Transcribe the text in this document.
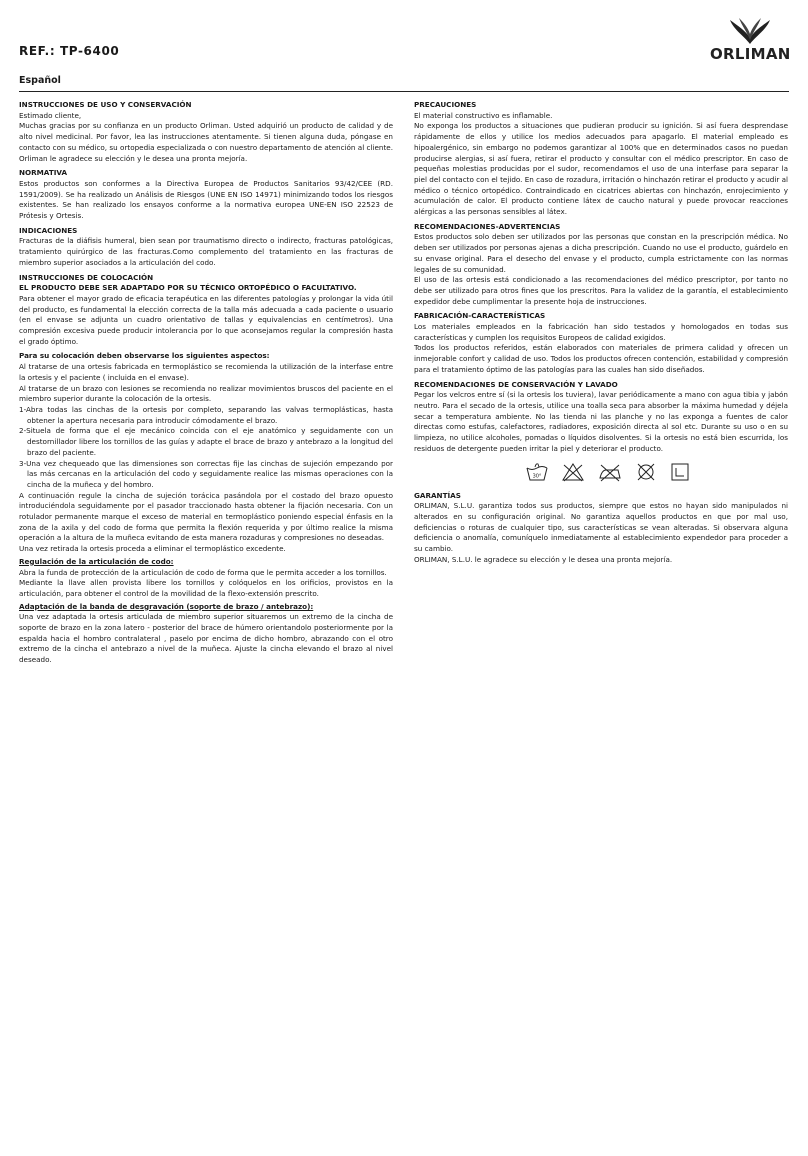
REF.: TP-6400	ORLIMAN
Español
INSTRUCCIONES DE USO Y CONSERVACIÓN

Estimado cliente,

Muchas gracias por su confianza en un producto Orliman. Usted adquirió un producto de calidad y de alto nivel medicinal. Por favor, lea las instrucciones atentamente. Si tienen alguna duda, póngase en contacto con su médico, su ortopedia especializada o con nuestro departamento de atención al cliente. Orliman le agradece su elección y le desea una pronta mejoría.

NORMATIVA

Estos productos son conformes a la Directiva Europea de Productos Sanitarios 93/42/CEE (RD. 1591/2009). Se ha realizado un Análisis de Riesgos (UNE EN ISO 14971) minimizando todos los riesgos existentes. Se han realizado los ensayos conforme a la normativa europea UNE-EN ISO 22523 de Prótesis y Ortesis.

INDICACIONES

Fracturas de la diáfisis humeral, bien sean por traumatismo directo o indirecto, fracturas patológicas, tratamiento quirúrgico de las fracturas.Como complemento del tratamiento en las fracturas de miembro superior asociados a la articulación del codo.

INSTRUCCIONES DE COLOCACIÓN

EL PRODUCTO DEBE SER ADAPTADO POR SU TÉCNICO ORTOPÉDICO O FACULTATIVO.

Para obtener el mayor grado de eficacia terapéutica en las diferentes patologías y prolongar la vida útil del producto, es fundamental la elección correcta de la talla más adecuada a cada paciente o usuario (en el envase se adjunta un cuadro orientativo de tallas y equivalencias en centímetros). Una compresión excesiva puede producir intolerancia por lo que aconsejamos regular la compresión hasta el grado óptimo.

Para su colocación deben observarse los siguientes aspectos:

Al tratarse de una ortesis fabricada en termoplástico se recomienda la utilización de la interfase entre la ortesis y el paciente ( incluida en el envase).

Al tratarse de un brazo con lesiones se recomienda no realizar movimientos bruscos del paciente en el miembro superior durante la colocación de la ortesis.

1-Abra todas las cinchas de la ortesis por completo, separando las valvas termoplásticas, hasta obtener la apertura necesaria para introducir cómodamente el brazo.

2-Situela de forma que el eje mecánico coincida con el eje anatómico y seguidamente con un destornillador libere los tornillos de las guías y adapte el brace de brazo y antebrazo a la longitud del brazo del paciente.

3-Una vez chequeado que las dimensiones son correctas fije las cinchas de sujeción empezando por las más cercanas en la articulación del codo y seguidamente realice las mismas operaciones con la cincha de la muñeca y del hombro.

A continuación regule la cincha de sujeción torácica pasándola por el costado del brazo opuesto introduciéndola seguidamente por el pasador traccionado hasta obtener la fijación necesaria. Con un rotulador permanente marque el exceso de material en termoplástico poniendo especial énfasis en la zona de la axila y del codo de forma que permita la flexión requerida y por último realice la misma operación a la altura de la muñeca evitando de esta manera rozaduras y compresiones no deseadas.

Una vez retirada la ortesis proceda a eliminar el termoplástico excedente.

Regulación de la articulación de codo:

Abra la funda de protección de la articulación de codo de forma que le permita acceder a los tornillos.

Mediante la llave allen provista libere los tornillos y colóquelos en los orificios, provistos en la articulación, para obtener el control de la movilidad de la flexo-extensión prescrito.

Adaptación de la banda de desgravación (soporte de brazo / antebrazo):

Una vez adaptada la ortesis articulada de miembro superior situaremos un extremo de la cincha de soporte de brazo en la zona latero - posterior del brace de húmero orientandolo posteriormente por la espalda hacia el hombro contralateral , paselo por encima de dicho hombro, abrazando con el otro extremo de la cincha el antebrazo a nivel de la muñeca. Ajuste la cincha elevando el brazo al nivel deseado.

PRECAUCIONES

El material constructivo es inflamable.

No exponga los productos a situaciones que pudieran producir su ignición. Si así fuera desprendase rápidamente de ellos y utilice los medios adecuados para apagarlo. El material empleado es hipoalergénico, sin embargo no podemos garantizar al 100% que en determinados casos no puedan producirse alergias, si así fuera, retirar el producto y consultar con el médico prescriptor. En caso de pequeñas molestias producidas por el sudor, recomendamos el uso de una interfase para separar la piel del contacto con el tejido. En caso de rozadura, irritación o hinchazón retirar el producto y acudir al médico o técnico ortopédico. Contraindicado en cicatrices abiertas con hinchazón, enrojecimiento y acumulación de calor. El producto contiene látex de caucho natural y puede provocar reacciones alérgicas a las personas sensibles al látex.

RECOMENDACIONES-ADVERTENCIAS

Estos productos solo deben ser utilizados por las personas que constan en la prescripción médica. No deben ser utilizados por personas ajenas a dicha prescripción. Cuando no use el producto, guárdelo en su envase original. Para el desecho del envase y el producto, cumpla estrictamente con las normas legales de su comunidad.

El uso de las ortesis está condicionado a las recomendaciones del médico prescriptor, por tanto no debe ser utilizado para otros fines que los prescritos. Para la validez de la garantía, el establecimiento expedidor debe cumplimentar la presente hoja de instrucciones.

FABRICACIÓN-CARACTERÍSTICAS

Los materiales empleados en la fabricación han sido testados y homologados en todas sus características y cumplen los requisitos Europeos de calidad exigidos.

Todos los productos referidos, están elaborados con materiales de primera calidad y ofrecen un inmejorable confort y calidad de uso. Todos los productos ofrecen contención, estabilidad y compresión para el tratamiento óptimo de las patologías para las cuales han sido diseñados.

RECOMENDACIONES DE CONSERVACIÓN Y LAVADO

Pegar los velcros entre sí (si la ortesis los tuviera), lavar periódicamente a mano con agua tibia y jabón neutro. Para el secado de la ortesis, utilice una toalla seca para absorber la máxima humedad y déjela secar a temperatura ambiente. No las tienda ni las planche y no las exponga a fuentes de calor directas como estufas, calefactores, radiadores, exposición directa al sol etc. Durante su uso o en su limpieza, no utilice alcoholes, pomadas o líquidos disolventes. Si la ortesis no está bien escurrida, los residuos de detergente pueden irritar la piel y deteriorar el producto.

30°
GARANTÍAS

ORLIMAN, S.L.U. garantiza todos sus productos, siempre que estos no hayan sido manipulados ni alterados en su configuración original. No garantiza aquellos productos en que por mal uso, deficiencias o roturas de cualquier tipo, sus características se vean alteradas. Si observara alguna deficiencia o anomalía, comuníquelo inmediatamente al establecimiento expendedor para proceder a su cambio.

ORLIMAN, S.L.U. le agradece su elección y le desea una pronta mejoría.
